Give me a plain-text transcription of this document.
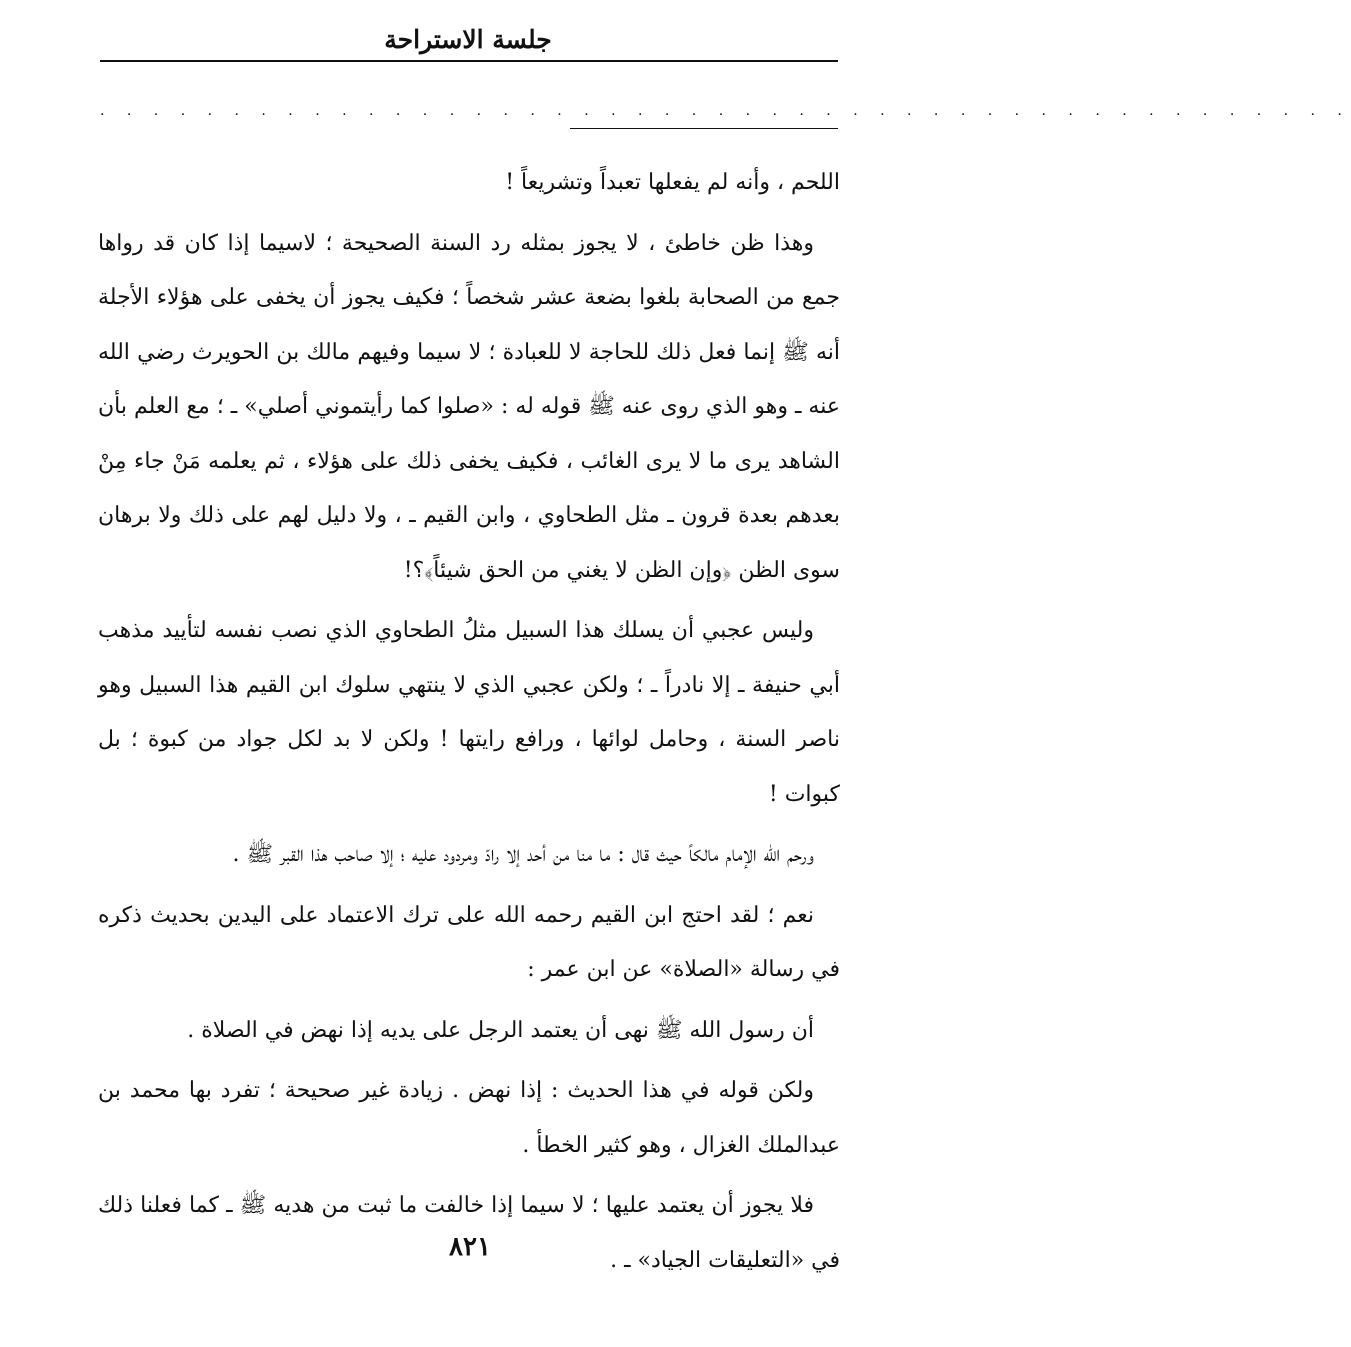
جلسة الاستراحة
. . . . . . . . . . . . . . . . . . . . . . . . . . . . . . . . . . . . . . . . . . . . . . .

اللحم ، وأنه لم يفعلها تعبداً وتشريعاً !

وهذا ظن خاطئ ، لا يجوز بمثله رد السنة الصحيحة ؛ لاسيما إذا كان قد رواها جمع من الصحابة بلغوا بضعة عشر شخصاً ؛ فكيف يجوز أن يخفى على هؤلاء الأجلة أنه ﷺ إنما فعل ذلك للحاجة لا للعبادة ؛ لا سيما وفيهم مالك بن الحويرث رضي الله عنه ـ وهو الذي روى عنه ﷺ قوله له : «صلوا كما رأيتموني أصلي» ـ ؛ مع العلم بأن الشاهد يرى ما لا يرى الغائب ، فكيف يخفى ذلك على هؤلاء ، ثم يعلمه مَنْ جاء مِنْ بعدهم بعدة قرون ـ مثل الطحاوي ، وابن القيم ـ ، ولا دليل لهم على ذلك ولا برهان سوى الظن ﴿وإن الظن لا يغني من الحق شيئاً﴾؟!

وليس عجبي أن يسلك هذا السبيل مثلُ الطحاوي الذي نصب نفسه لتأييد مذهب أبي حنيفة ـ إلا نادراً ـ ؛ ولكن عجبي الذي لا ينتهي سلوك ابن القيم هذا السبيل وهو ناصر السنة ، وحامل لوائها ، ورافع رايتها ! ولكن لا بد لكل جواد من كبوة ؛ بل كبوات !

ورحم الله الإمام مالكاً حيث قال : ما منا من أحد إلا رادّ ومردود عليه ؛ إلا صاحب هذا القبر ﷺ .

نعم ؛ لقد احتج ابن القيم رحمه الله على ترك الاعتماد على اليدين بحديث ذكره في رسالة «الصلاة» عن ابن عمر :

أن رسول الله ﷺ نهى أن يعتمد الرجل على يديه إذا نهض في الصلاة .

ولكن قوله في هذا الحديث : إذا نهض . زيادة غير صحيحة ؛ تفرد بها محمد بن عبدالملك الغزال ، وهو كثير الخطأ .

فلا يجوز أن يعتمد عليها ؛ لا سيما إذا خالفت ما ثبت من هديه ﷺ ـ كما فعلنا ذلك في «التعليقات الجياد» ـ .

٨٢١
